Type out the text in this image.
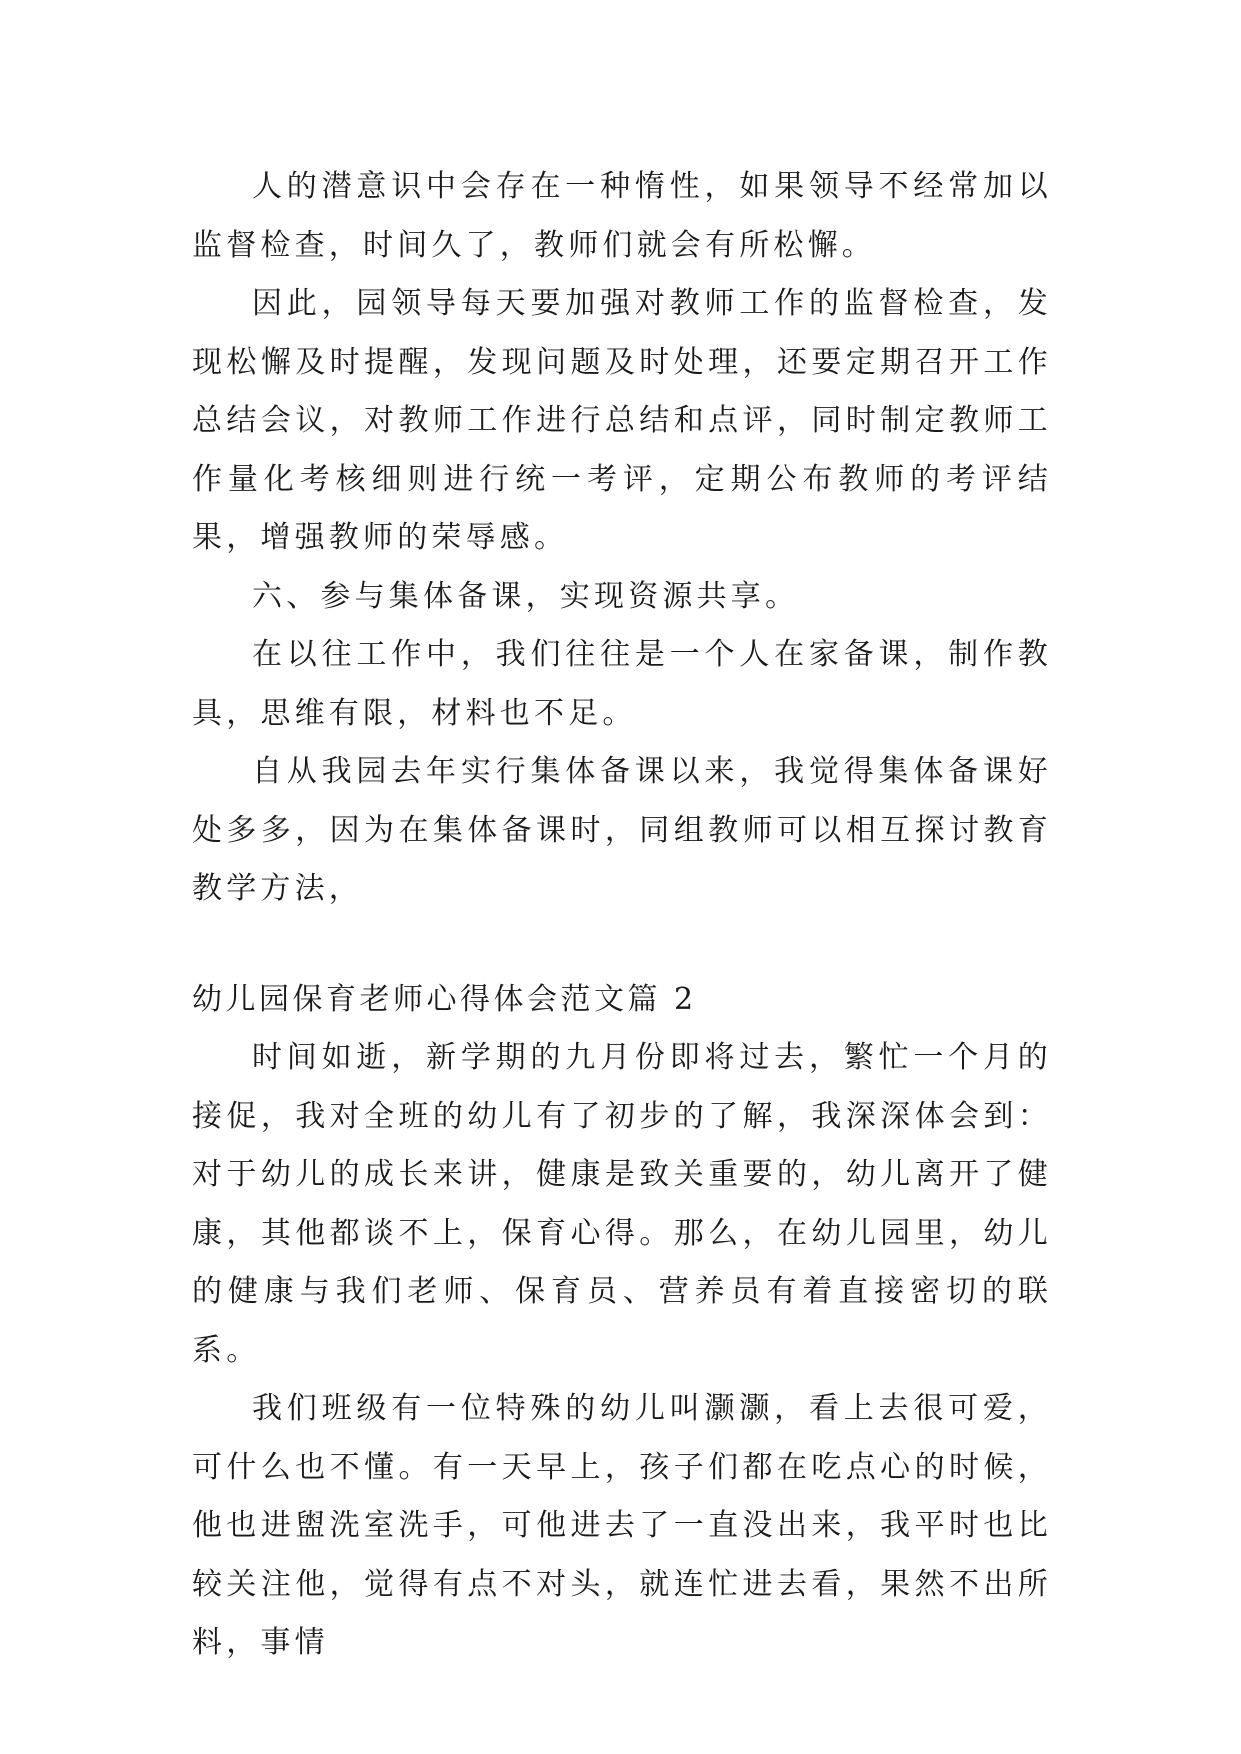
人的潜意识中会存在一种惰性，如果领导不经常加以监督检查，时间久了，教师们就会有所松懈。

因此，园领导每天要加强对教师工作的监督检查，发现松懈及时提醒，发现问题及时处理，还要定期召开工作总结会议，对教师工作进行总结和点评，同时制定教师工作量化考核细则进行统一考评，定期公布教师的考评结果，增强教师的荣辱感。

六、参与集体备课，实现资源共享。

在以往工作中，我们往往是一个人在家备课，制作教具，思维有限，材料也不足。

自从我园去年实行集体备课以来，我觉得集体备课好处多多，因为在集体备课时，同组教师可以相互探讨教育教学方法，

幼儿园保育老师心得体会范文篇 2

时间如逝，新学期的九月份即将过去，繁忙一个月的接促，我对全班的幼儿有了初步的了解，我深深体会到：对于幼儿的成长来讲，健康是致关重要的，幼儿离开了健康，其他都谈不上，保育心得。那么，在幼儿园里，幼儿的健康与我们老师、保育员、营养员有着直接密切的联系。

我们班级有一位特殊的幼儿叫灏灏，看上去很可爱，可什么也不懂。有一天早上，孩子们都在吃点心的时候，他也进盥洗室洗手，可他进去了一直没出来，我平时也比较关注他，觉得有点不对头，就连忙进去看，果然不出所料，事情
